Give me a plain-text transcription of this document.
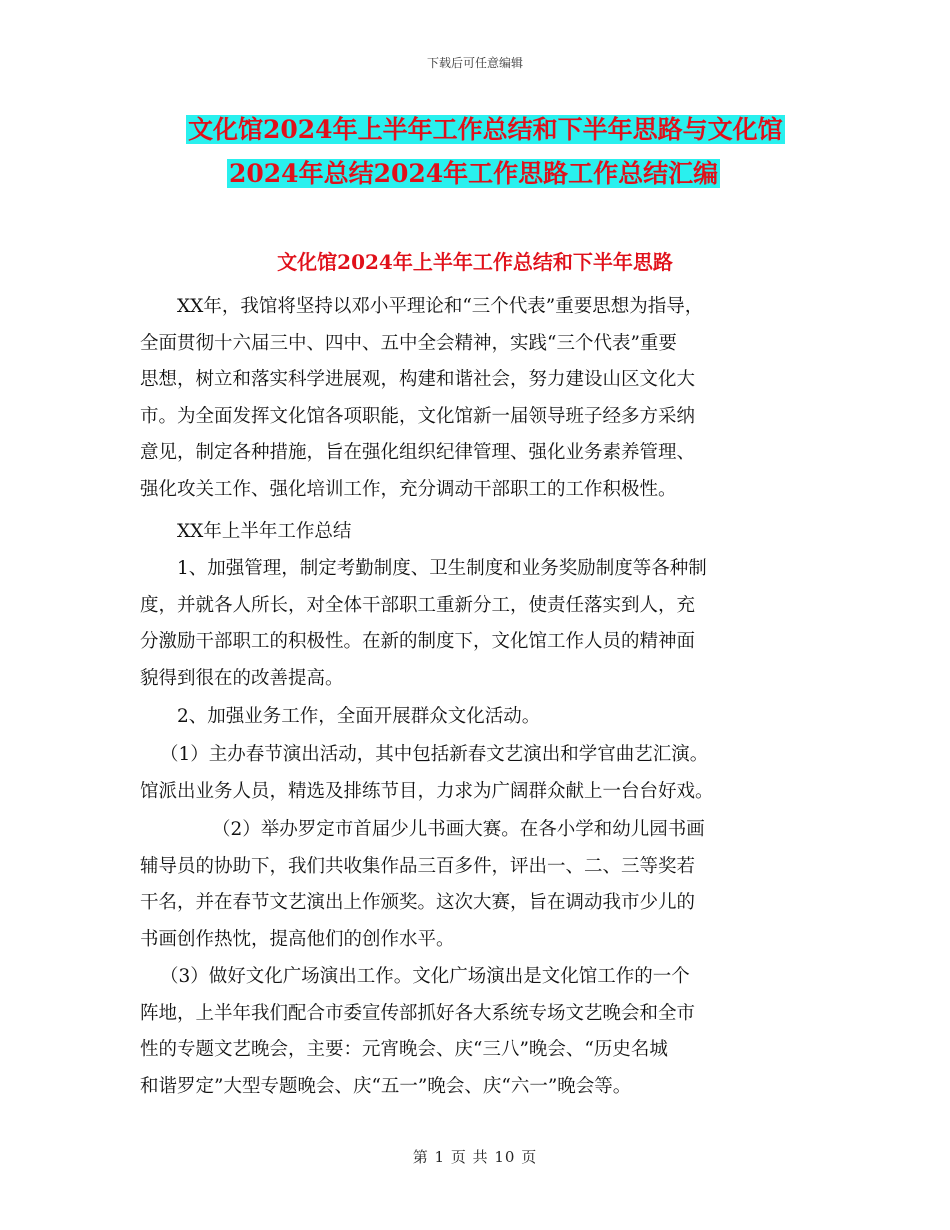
下载后可任意编辑
文化馆2024年上半年工作总结和下半年思路与文化馆
2024年总结2024年工作思路工作总结汇编
文化馆2024年上半年工作总结和下半年思路
XX年，我馆将坚持以邓小平理论和“三个代表”重要思想为指导，
全面贯彻十六届三中、四中、五中全会精神，实践“三个代表”重要
思想，树立和落实科学进展观，构建和谐社会，努力建设山区文化大
市。为全面发挥文化馆各项职能，文化馆新一届领导班子经多方采纳
意见，制定各种措施，旨在强化组织纪律管理、强化业务素养管理、
强化攻关工作、强化培训工作，充分调动干部职工的工作积极性。
XX年上半年工作总结
1、加强管理，制定考勤制度、卫生制度和业务奖励制度等各种制
度，并就各人所长，对全体干部职工重新分工，使责任落实到人，充
分激励干部职工的积极性。在新的制度下，文化馆工作人员的精神面
貌得到很在的改善提高。
2、加强业务工作，全面开展群众文化活动。
（1）主办春节演出活动，其中包括新春文艺演出和学官曲艺汇演。
馆派出业务人员，精选及排练节目，力求为广阔群众献上一台台好戏。
（2）举办罗定市首届少儿书画大赛。在各小学和幼儿园书画
辅导员的协助下，我们共收集作品三百多件，评出一、二、三等奖若
干名，并在春节文艺演出上作颁奖。这次大赛，旨在调动我市少儿的
书画创作热忱，提高他们的创作水平。
（3）做好文化广场演出工作。文化广场演出是文化馆工作的一个
阵地，上半年我们配合市委宣传部抓好各大系统专场文艺晚会和全市
性的专题文艺晚会，主要：元宵晚会、庆“三八”晚会、“历史名城
和谐罗定”大型专题晚会、庆“五一”晚会、庆“六一”晚会等。
第 1 页 共 10 页
